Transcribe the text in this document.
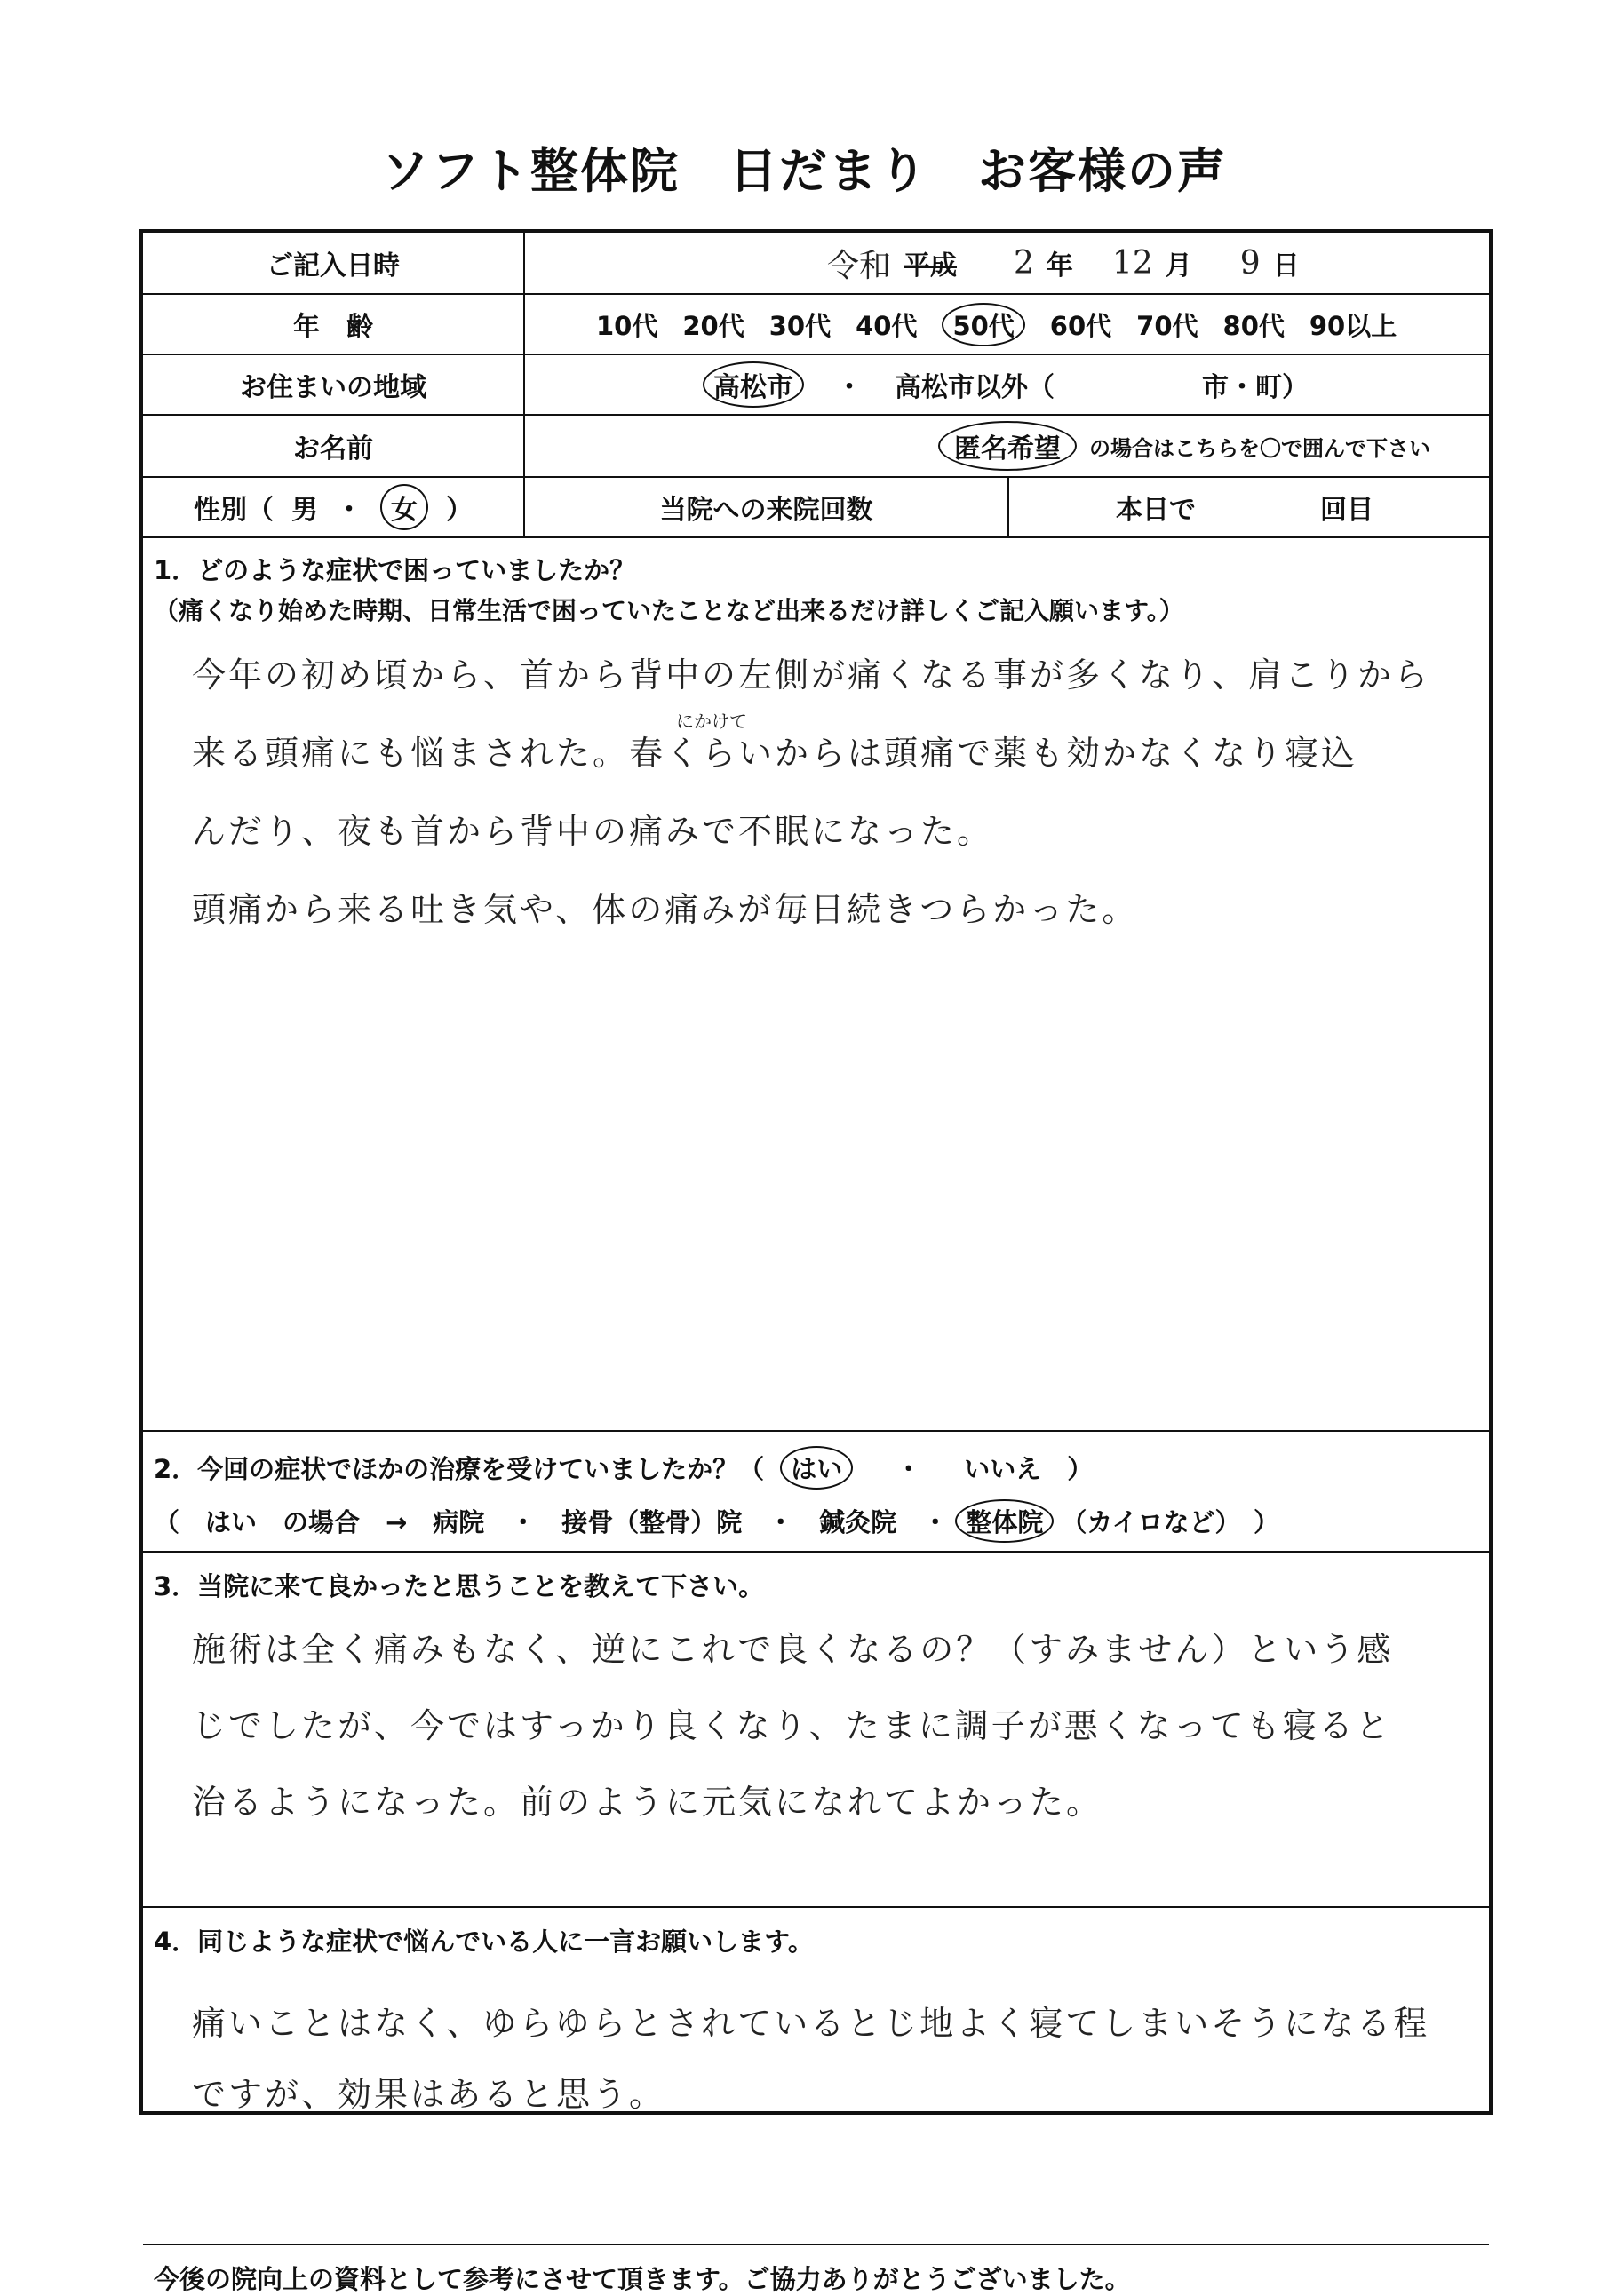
ソフト整体院　日だまり　お客様の声
ご記入日時	令和 平成 2 年 12 月 9 日
年　齢	10代 20代 30代 40代	50代	60代 70代 80代 90以上
お住まいの地域	高松市	・ 高松市以外（	市・町）
お名前	匿名希望	の場合はこちらを〇で囲んで下さい
性別（ 男 ・	女	）	当院への来院回数	本日で	回目
1．どのような症状で困っていましたか？
（痛くなり始めた時期、日常生活で困っていたことなど出来るだけ詳しくご記入願います。）
にかけて

今年の初め頃から、首から背中の左側が痛くなる事が多くなり、肩こりから

来る頭痛にも悩まされた。春くらいからは頭痛で薬も効かなくなり寝込

んだり、夜も首から背中の痛みで不眠になった。

頭痛から来る吐き気や、体の痛みが毎日続きつらかった。

2．今回の症状でほかの治療を受けていましたか？（	はい	・ いいえ　）
（　はい　の場合　→　病院　・　接骨（整骨）院　・　鍼灸院　・ 整体院 （カイロなど）　）
3．当院に来て良かったと思うことを教えて下さい。

施術は全く痛みもなく、逆にこれで良くなるの？（すみません）という感

じでしたが、今ではすっかり良くなり、たまに調子が悪くなっても寝ると

治るようになった。前のように元気になれてよかった。

4．同じような症状で悩んでいる人に一言お願いします。

痛いことはなく、ゆらゆらとされているとじ地よく寝てしまいそうになる程

ですが、効果はあると思う。

今後の院向上の資料として参考にさせて頂きます。ご協力ありがとうございました。
